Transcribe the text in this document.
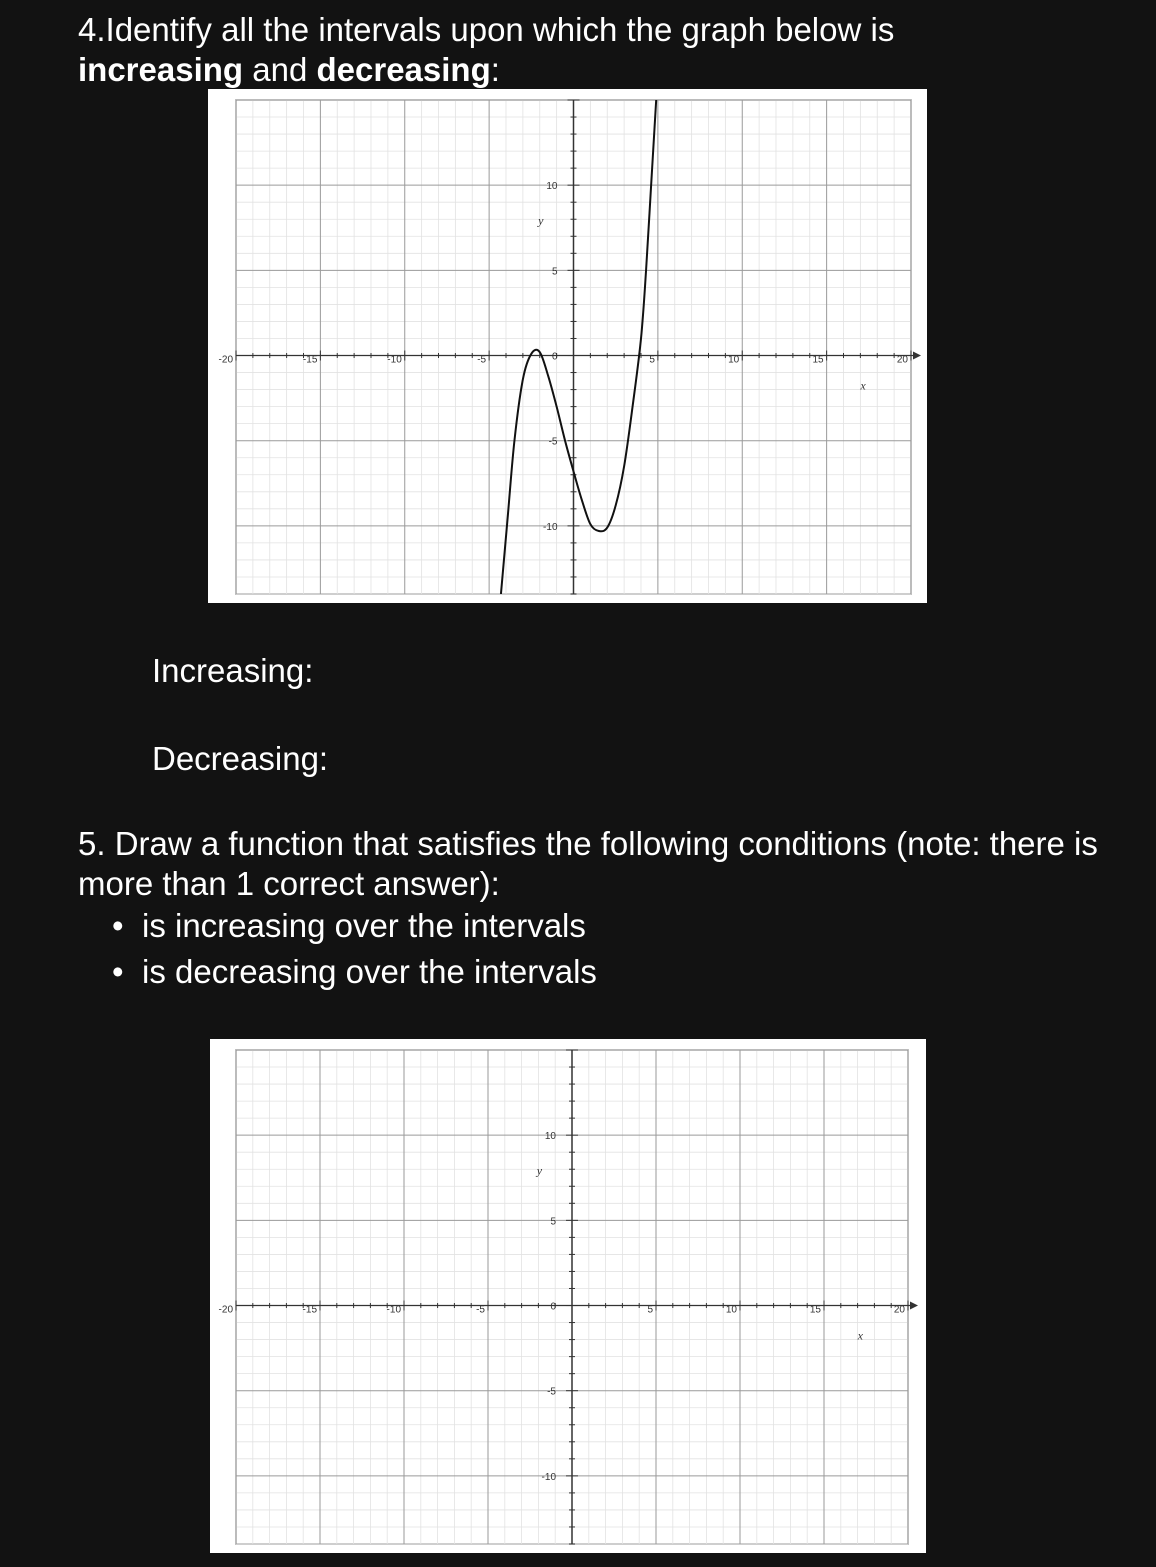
4.Identify all the intervals upon which the graph below is
increasing and decreasing:
-20	-15	-10	-5	5	10	15	20
10
5
0
-5
-10
x
y
Increasing:
Decreasing:

5. Draw a function that satisfies the following conditions (note: there is more than 1 correct answer):

• is increasing over the intervals
• is decreasing over the intervals
-20	-15	-10	-5	5	10	15	20
10
5
0
-5
-10
x
y
